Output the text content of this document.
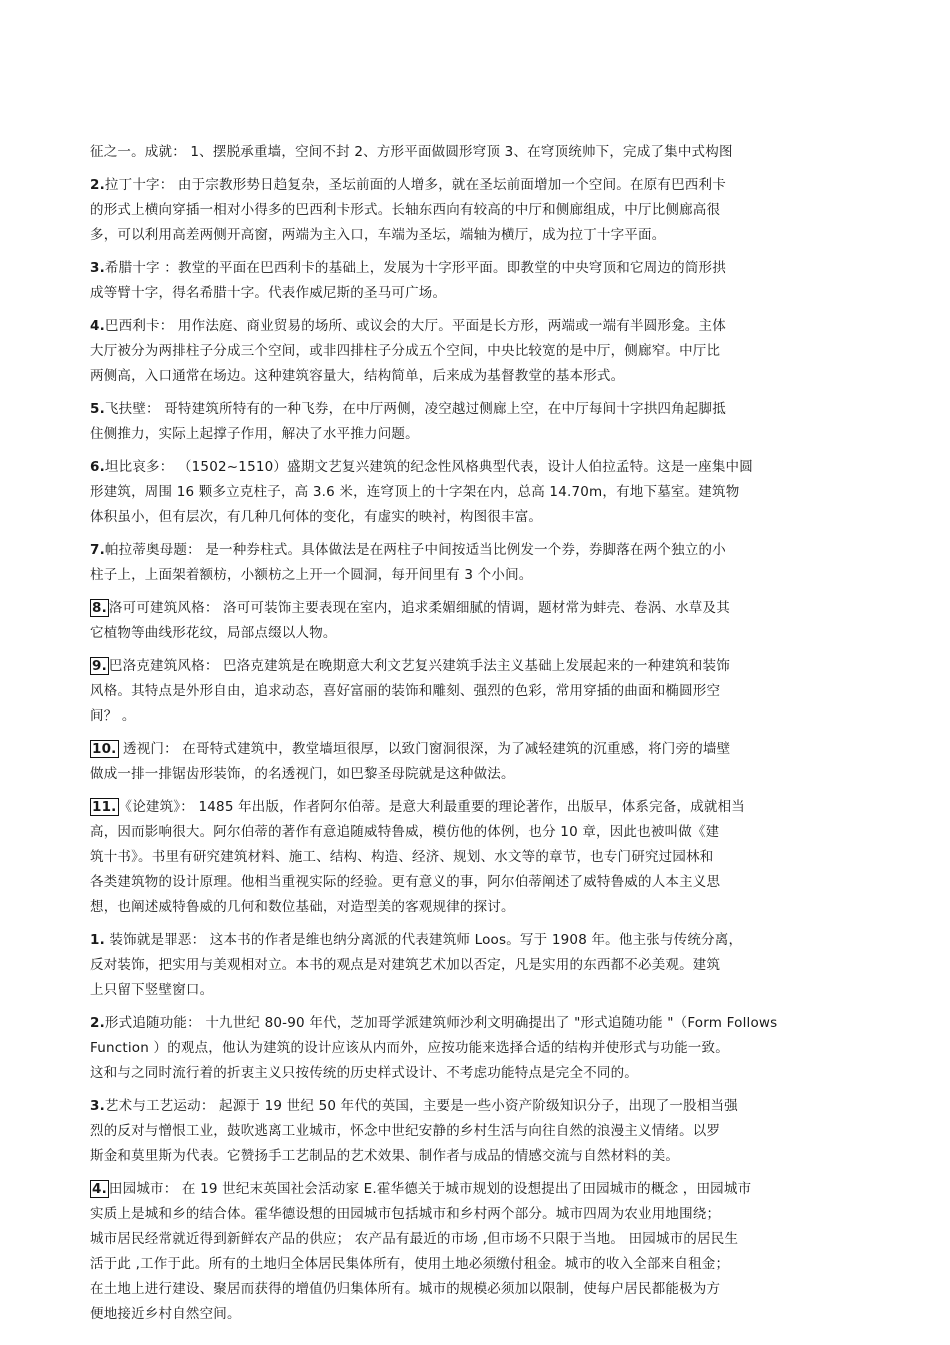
征之一。成就： 1、摆脱承重墙，空间不封 2、方形平面做圆形穹顶 3、在穹顶统帅下，完成了集中式构图
2.拉丁十字： 由于宗教形势日趋复杂，圣坛前面的人增多，就在圣坛前面增加一个空间。在原有巴西利卡
的形式上横向穿插一相对小得多的巴西利卡形式。长轴东西向有较高的中厅和侧廊组成，中厅比侧廊高很
多，可以利用高差两侧开高窗，两端为主入口，车端为圣坛，端轴为横厅，成为拉丁十字平面。
3.希腊十字 ：教堂的平面在巴西利卡的基础上，发展为十字形平面。即教堂的中央穹顶和它周边的筒形拱
成等臂十字，得名希腊十字。代表作威尼斯的圣马可广场。
4.巴西利卡： 用作法庭、商业贸易的场所、或议会的大厅。平面是长方形，两端或一端有半圆形龛。主体
大厅被分为两排柱子分成三个空间，或非四排柱子分成五个空间，中央比较宽的是中厅，侧廊窄。中厅比
两侧高，入口通常在场边。这种建筑容量大，结构简单，后来成为基督教堂的基本形式。
5.飞扶壁： 哥特建筑所特有的一种飞券，在中厅两侧，凌空越过侧廊上空，在中厅每间十字拱四角起脚抵
住侧推力，实际上起撑子作用，解决了水平推力问题。
6.坦比哀多： （1502~1510）盛期文艺复兴建筑的纪念性风格典型代表，设计人伯拉孟特。这是一座集中圆
形建筑，周围 16 颗多立克柱子，高 3.6 米，连穹顶上的十字架在内，总高 14.70m，有地下墓室。建筑物
体积虽小，但有层次，有几种几何体的变化，有虚实的映衬，构图很丰富。
7.帕拉蒂奥母题： 是一种券柱式。具体做法是在两柱子中间按适当比例发一个券，券脚落在两个独立的小
柱子上，上面架着额枋，小额枋之上开一个圆洞，每开间里有 3 个小间。
8. 洛可可建筑风格： 洛可可装饰主要表现在室内，追求柔媚细腻的情调，题材常为蚌壳、卷涡、水草及其
它植物等曲线形花纹，局部点缀以人物。
9. 巴洛克建筑风格： 巴洛克建筑是在晚期意大利文艺复兴建筑手法主义基础上发展起来的一种建筑和装饰
风格。其特点是外形自由，追求动态，喜好富丽的装饰和雕刻、强烈的色彩，常用穿插的曲面和椭圆形空
间？ 。
10. 透视门： 在哥特式建筑中，教堂墙垣很厚，以致门窗洞很深，为了减轻建筑的沉重感，将门旁的墙壁
做成一排一排锯齿形装饰，的名透视门，如巴黎圣母院就是这种做法。
11. 《论建筑》： 1485 年出版，作者阿尔伯蒂。是意大利最重要的理论著作，出版早，体系完备，成就相当
高，因而影响很大。阿尔伯蒂的著作有意追随威特鲁威，模仿他的体例，也分 10 章，因此也被叫做《建
筑十书》。书里有研究建筑材料、施工、结构、构造、经济、规划、水文等的章节，也专门研究过园林和
各类建筑物的设计原理。他相当重视实际的经验。更有意义的事，阿尔伯蒂阐述了威特鲁威的人本主义思
想，也阐述威特鲁威的几何和数位基础，对造型美的客观规律的探讨。
1. 装饰就是罪恶： 这本书的作者是维也纳分离派的代表建筑师 Loos。写于 1908 年。他主张与传统分离，
反对装饰，把实用与美观相对立。本书的观点是对建筑艺术加以否定，凡是实用的东西都不必美观。建筑
上只留下竖壁窗口。
2.形式追随功能： 十九世纪 80-90 年代，芝加哥学派建筑师沙利文明确提出了 "形式追随功能 "（Form Follows
Function ）的观点，他认为建筑的设计应该从内而外，应按功能来选择合适的结构并使形式与功能一致。
这和与之同时流行着的折衷主义只按传统的历史样式设计、不考虑功能特点是完全不同的。
3.艺术与工艺运动： 起源于 19 世纪 50 年代的英国，主要是一些小资产阶级知识分子，出现了一股相当强
烈的反对与憎恨工业，鼓吹逃离工业城市，怀念中世纪安静的乡村生活与向往自然的浪漫主义情绪。以罗
斯金和莫里斯为代表。它赞扬手工艺制品的艺术效果、制作者与成品的情感交流与自然材料的美。
4. 田园城市： 在 19 世纪末英国社会活动家 E.霍华德关于城市规划的设想提出了田园城市的概念 ，田园城市
实质上是城和乡的结合体。霍华德设想的田园城市包括城市和乡村两个部分。城市四周为农业用地围绕；
城市居民经常就近得到新鲜农产品的供应； 农产品有最近的市场 ,但市场不只限于当地。 田园城市的居民生
活于此 ,工作于此。所有的土地归全体居民集体所有，使用土地必须缴付租金。城市的收入全部来自租金；
在土地上进行建设、聚居而获得的增值仍归集体所有。城市的规模必须加以限制，使每户居民都能极为方
便地接近乡村自然空间。
